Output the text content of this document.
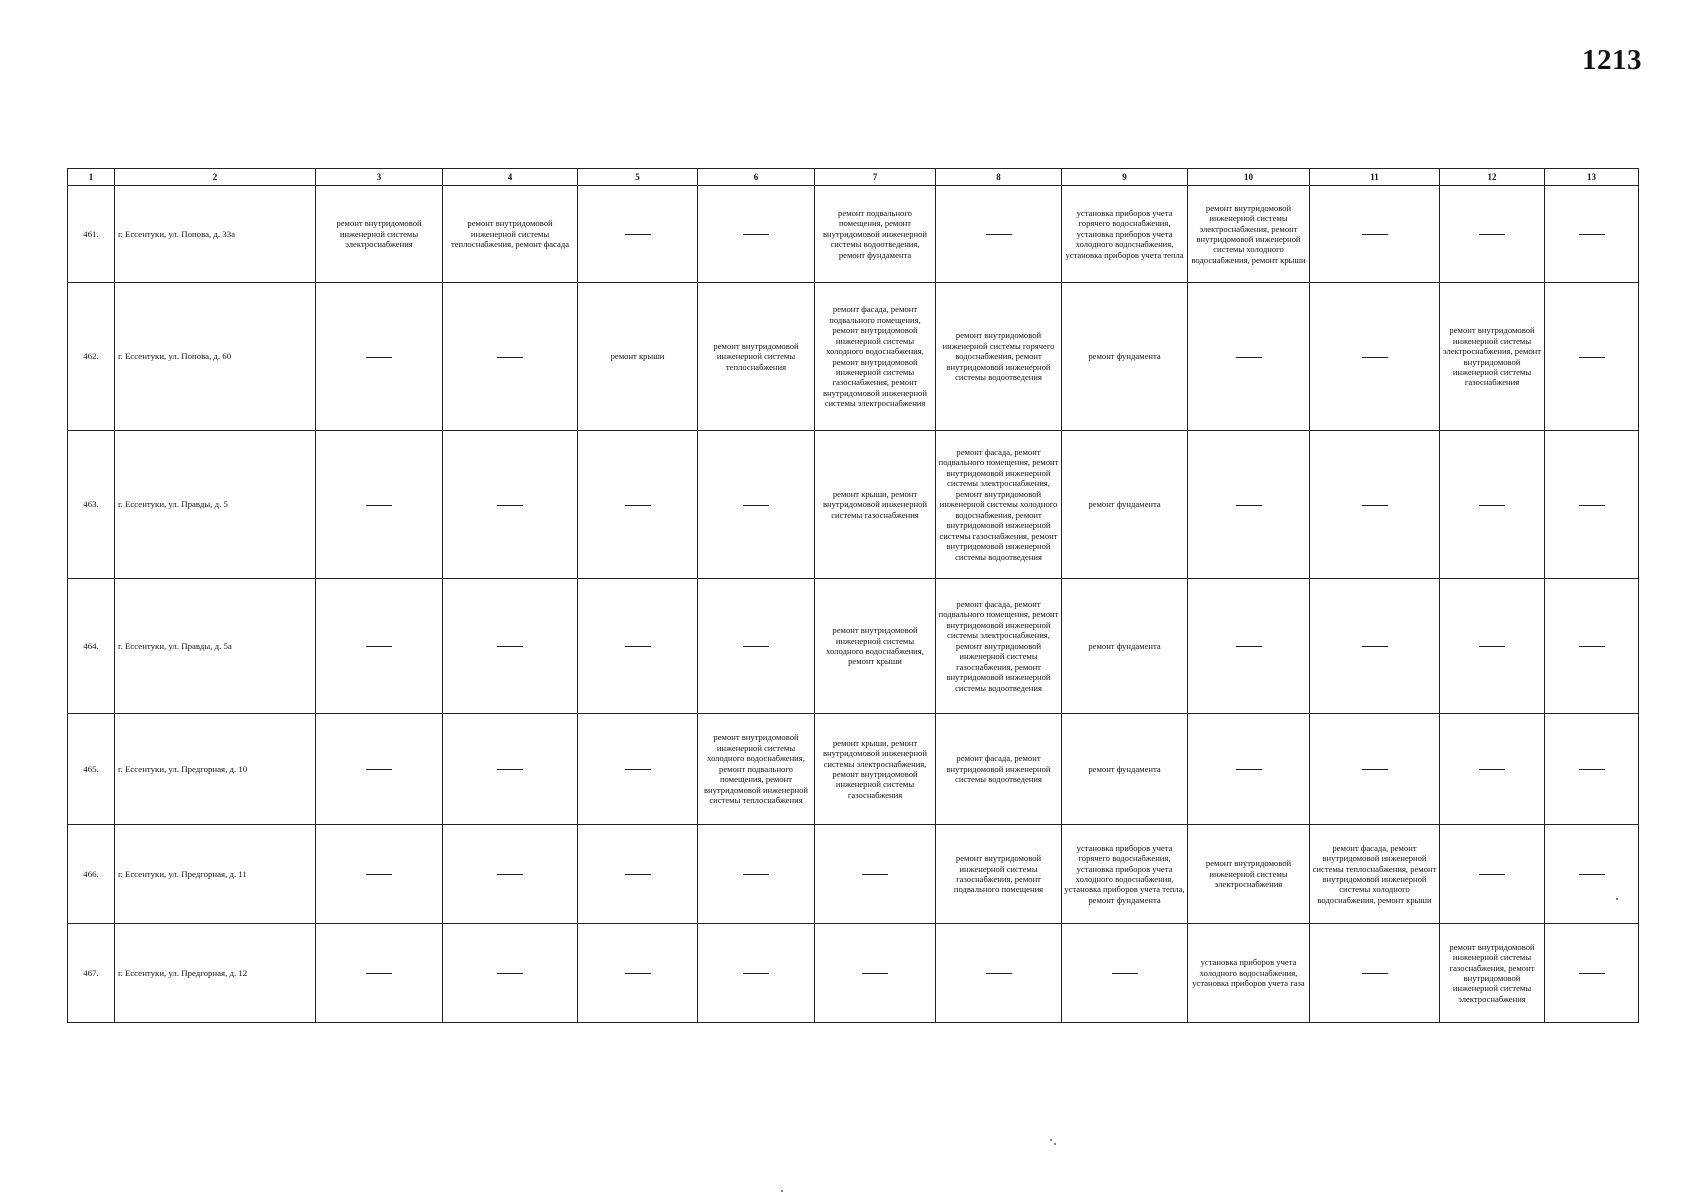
1213
1	2	3	4	5	6	7	8	9	10	11	12	13
461.	г. Ессентуки, ул. Попова, д. 33а	ремонт внутридомовой инженерной системы электроснабжения	ремонт внутридомовой инженерной системы теплоснабжения, ремонт фасада			ремонт подвального помещения, ремонт внутридомовой инженерной системы водоотведения, ремонт фундамента		установка приборов учета горячего водоснабжения, установка приборов учета холодного водоснабжения, установка приборов учета тепла	ремонт внутридомовой инженерной системы электроснабжения, ремонт внутридомовой инженерной системы холодного водоснабжения, ремонт крыши			
462.	г. Ессентуки, ул. Попова, д. 60			ремонт крыши	ремонт внутридомовой инженерной системы теплоснабжения	ремонт фасада, ремонт подвального помещения, ремонт внутридомовой инженерной системы холодного водоснабжения, ремонт внутридомовой инженерной системы газоснабжения, ремонт внутридомовой инженерной системы электроснабжения	ремонт внутридомовой инженерной системы горячего водоснабжения, ремонт внутридомовой инженерной системы водоотведения	ремонт фундамента			ремонт внутридомовой инженерной системы электроснабжения, ремонт внутридомовой инженерной системы газоснабжения	
463.	г. Ессентуки, ул. Правды, д. 5					ремонт крыши, ремонт внутридомовой инженерной системы газоснабжения	ремонт фасада, ремонт подвального помещения, ремонт внутридомовой инженерной системы электроснабжения, ремонт внутридомовой инженерной системы холодного водоснабжения, ремонт внутридомовой инженерной системы газоснабжения, ремонт внутридомовой инженерной системы водоотведения	ремонт фундамента				
464.	г. Ессентуки, ул. Правды, д. 5а					ремонт внутридомовой инженерной системы холодного водоснабжения, ремонт крыши	ремонт фасада, ремонт подвального помещения, ремонт внутридомовой инженерной системы электроснабжения, ремонт внутридомовой инженерной системы газоснабжения, ремонт внутридомовой инженерной системы водоотведения	ремонт фундамента				
465.	г. Ессентуки, ул. Предгорная, д. 10				ремонт внутридомовой инженерной системы холодного водоснабжения, ремонт подвального помещения, ремонт внутридомовой инженерной системы теплоснабжения	ремонт крыши, ремонт внутридомовой инженерной системы электроснабжения, ремонт внутридомовой инженерной системы газоснабжения	ремонт фасада, ремонт внутридомовой инженерной системы водоотведения	ремонт фундамента				
466.	г. Ессентуки, ул. Предгорная, д. 11						ремонт внутридомовой инженерной системы газоснабжения, ремонт подвального помещения	установка приборов учета горячего водоснабжения, установка приборов учета холодного водоснабжения, установка приборов учета тепла, ремонт фундамента	ремонт внутридомовой инженерной системы электроснабжения	ремонт фасада, ремонт внутридомовой инженерной системы теплоснабжения, ремонт внутридомовой инженерной системы холодного водоснабжения, ремонт крыши		
467.	г. Ессентуки, ул. Предгорная, д. 12								установка приборов учета холодного водоснабжения, установка приборов учета газа		ремонт внутридомовой инженерной системы газоснабжения, ремонт внутридомовой инженерной системы электроснабжения	
